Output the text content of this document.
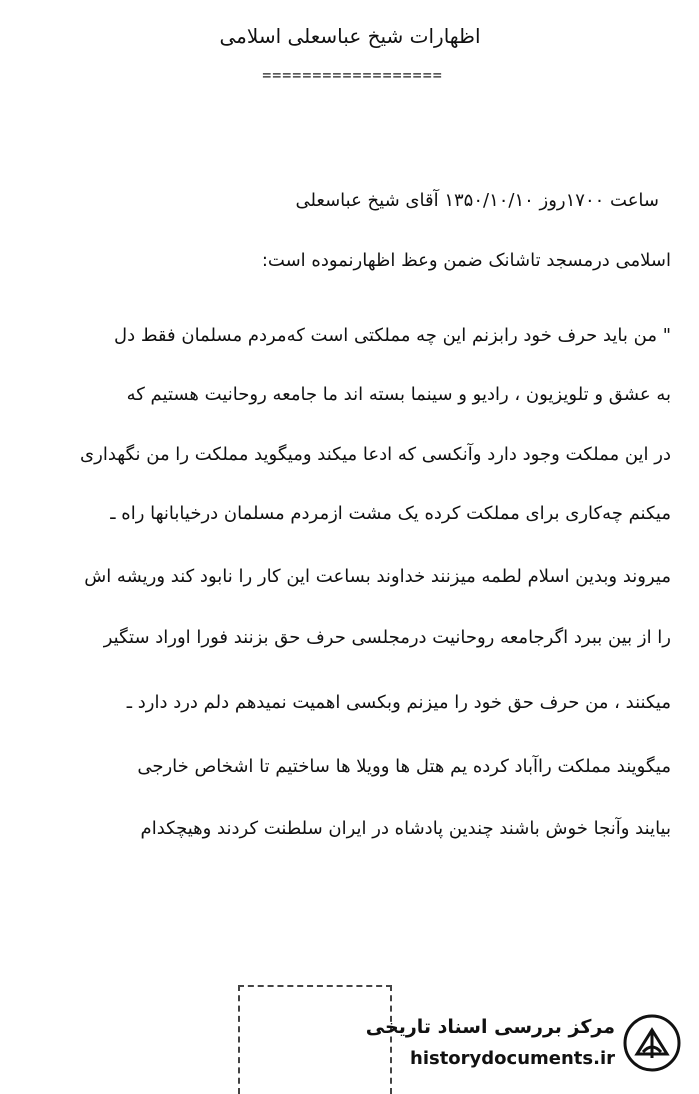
اظهارات شیخ عباسعلی اسلامی
==================
ساعت ۱۷۰۰روز ۱۳۵۰/۱۰/۱۰ آقای شیخ عباسعلی
اسلامی درمسجد تاشانک ضمن وعظ اظهارنموده است:
" من باید حرف خود رابزنم این چه مملکتی است کەمردم مسلمان فقط دل
به عشق و تلویزیون ، رادیو و سینما بسته اند ما جامعه روحانیت هستیم که
در این مملکت وجود دارد وآنکسی که ادعا میکند ومیگوید مملکت را من نگهداری
میکنم چەکاری برای مملکت کرده یک مشت ازمردم مسلمان درخیابانها راه ـ
میروند وبدین اسلام لطمه میزنند خداوند بساعت این کار را نابود کند وریشه اش
را از بین ببرد اگرجامعه روحانیت درمجلسی حرف حق بزنند فورا اوراد ستگیر
میکنند ، من حرف حق خود را میزنم وبکسی اهمیت نمیدهم دلم درد دارد ـ
میگویند مملکت راآباد کرده یم هتل ها وویلا ها ساختیم تا اشخاص خارجی
بیایند وآنجا خوش باشند چندین پادشاه در ایران سلطنت کردند وهیچکدام
مرکز بررسی اسناد تاریخی
historydocuments.ir
